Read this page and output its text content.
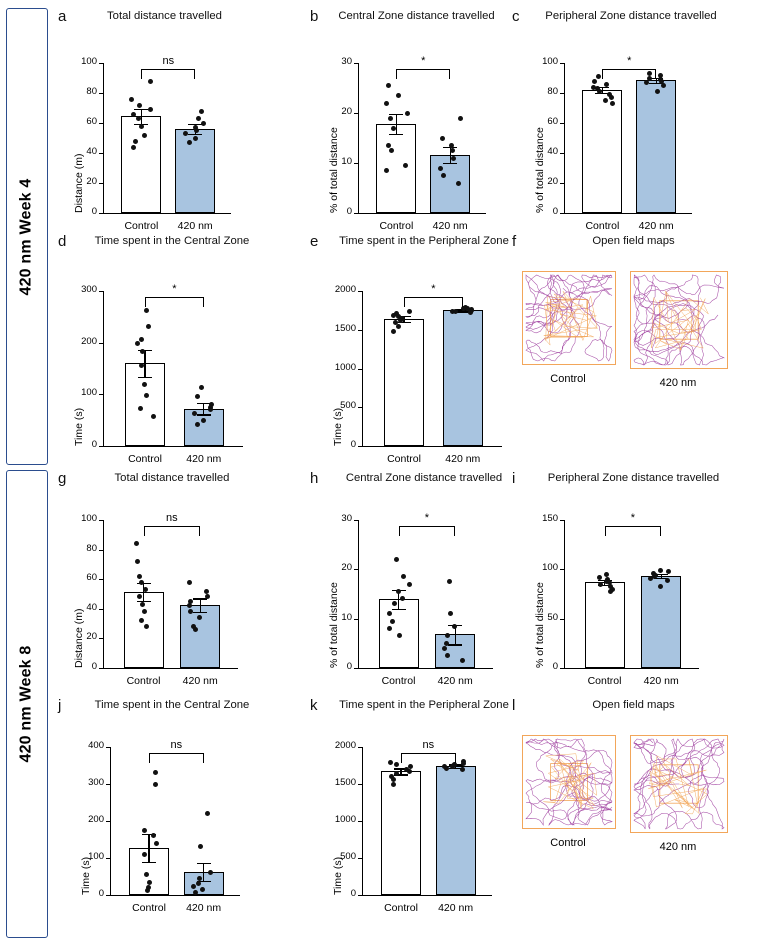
420 nm Week 4
420 nm Week 8
a	Total distance travelled
0
20
40
60
80
100
Distance (m)
Control	420 nm
ns
b	Central Zone distance travelled
0
10
20
30
% of total distance
Control	420 nm
*
c	Peripheral Zone distance travelled
0
20
40
60
80
100
% of total distance
Control	420 nm
*
d	Time spent in the Central Zone
0
100
200
300
Time (s)
Control	420 nm
*
e	Time spent in the Peripheral Zone
0
500
1000
1500
2000
Time (s)
Control	420 nm
*
f	Open field maps
Control	420 nm
g	Total distance travelled
0
20
40
60
80
100
Distance (m)
Control	420 nm
ns
h	Central Zone distance travelled
0
10
20
30
% of total distance
Control	420 nm
*
i	Peripheral Zone distance travelled
0
50
100
150
% of total distance
Control	420 nm
*
j	Time spent in the Central Zone
0
100
200
300
400
Time (s)
Control	420 nm
ns
k	Time spent in the Peripheral Zone
0
500
1000
1500
2000
Time (s)
Control	420 nm
ns
l	Open field maps
Control	420 nm
